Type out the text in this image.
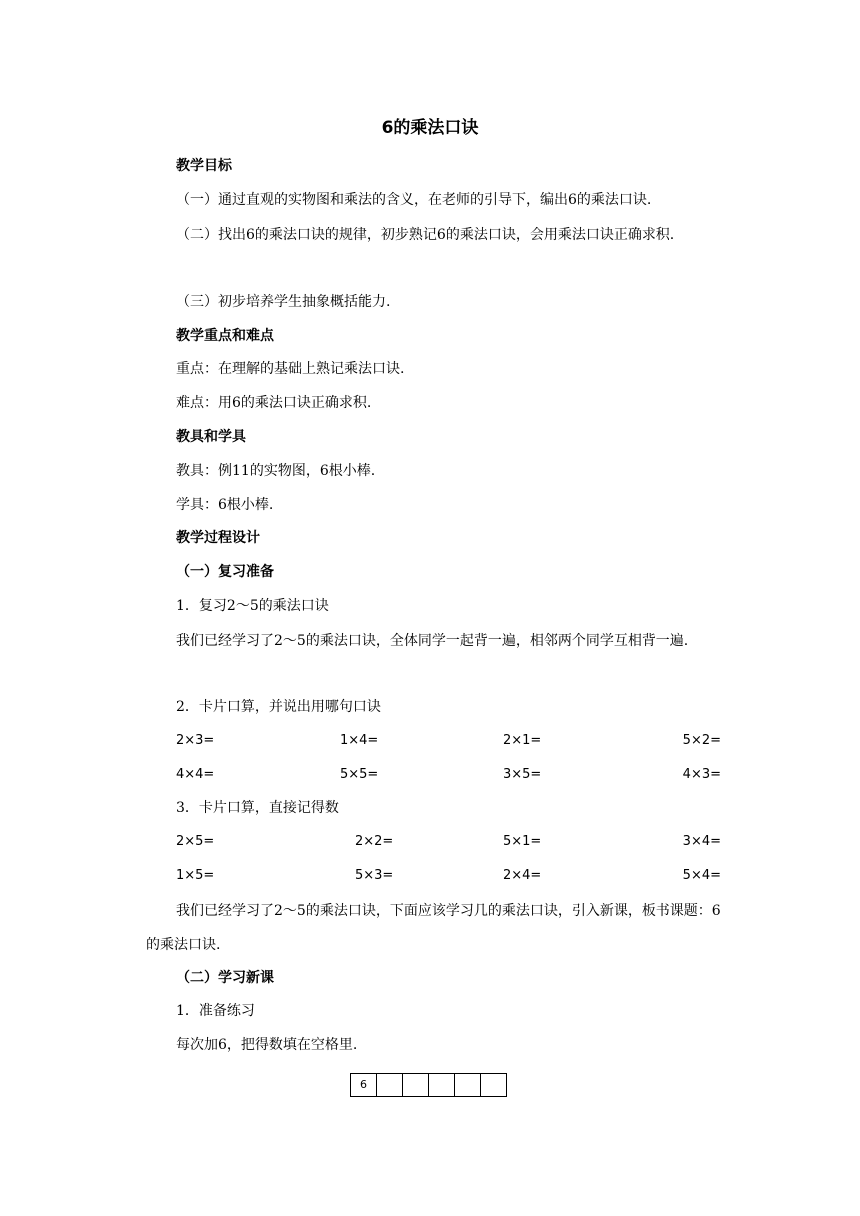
6的乘法口诀
教学目标
（一）通过直观的实物图和乘法的含义，在老师的引导下，编出6的乘法口诀.
（二）找出6的乘法口诀的规律，初步熟记6的乘法口诀，会用乘法口诀正确求积.
（三）初步培养学生抽象概括能力.
教学重点和难点
重点：在理解的基础上熟记乘法口诀.
难点：用6的乘法口诀正确求积.
教具和学具
教具：例11的实物图，6根小棒.
学具：6根小棒.
教学过程设计
（一）复习准备
1．复习2～5的乘法口诀
我们已经学习了2～5的乘法口诀，全体同学一起背一遍，相邻两个同学互相背一遍.
2．卡片口算，并说出用哪句口诀
2×3=	1×4=	2×1=	5×2=
4×4=	5×5=	3×5=	4×3=
3．卡片口算，直接记得数
2×5=	2×2=	5×1=	3×4=
1×5=	5×3=	2×4=	5×4=
我们已经学习了2～5的乘法口诀，下面应该学习几的乘法口诀，引入新课，板书课题：6的乘法口诀.
（二）学习新课
1．准备练习
每次加6，把得数填在空格里.
6
